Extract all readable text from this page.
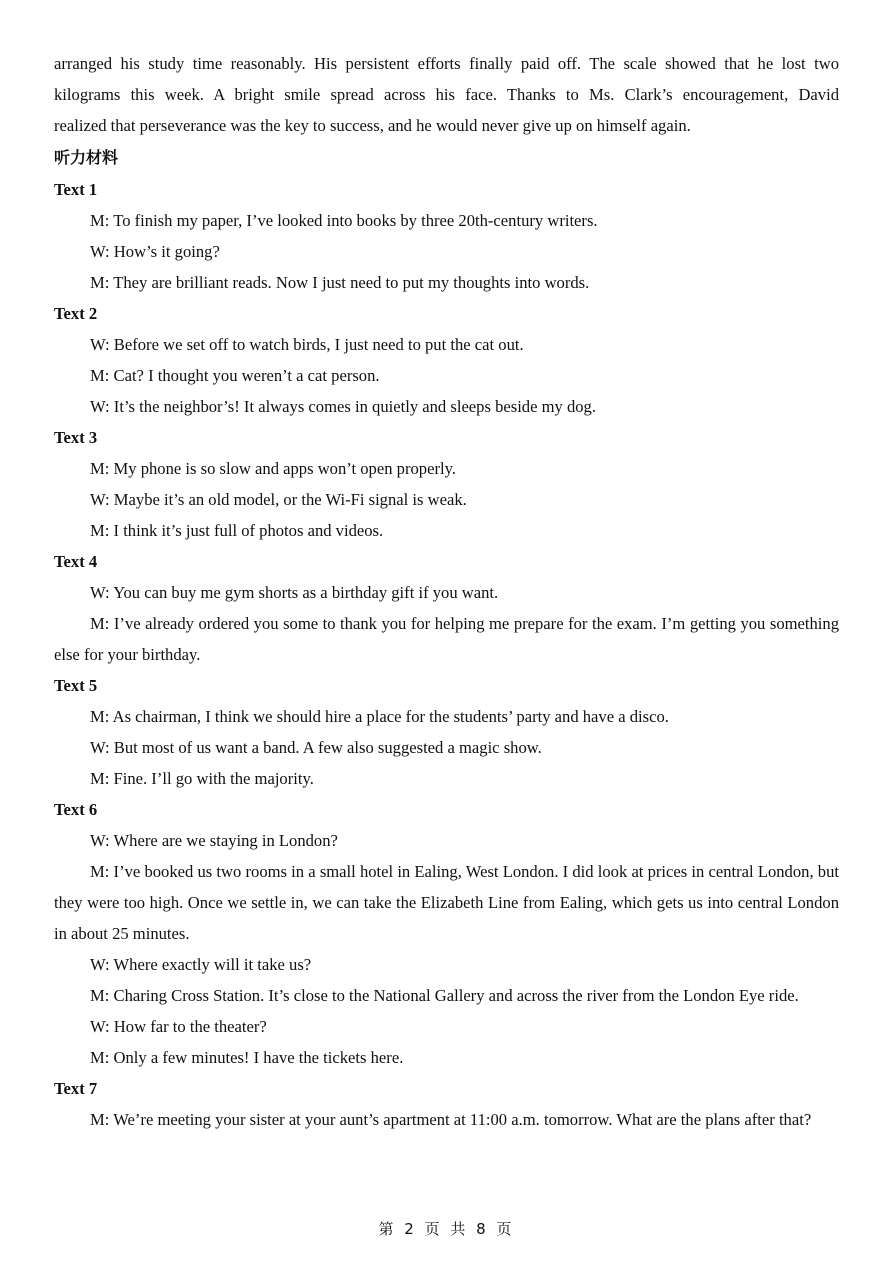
arranged his study time reasonably. His persistent efforts finally paid off. The scale showed that he lost two

kilograms this week. A bright smile spread across his face. Thanks to Ms. Clark’s encouragement, David

realized that perseverance was the key to success, and he would never give up on himself again.

听力材料

Text 1

M: To finish my paper, I’ve looked into books by three 20th-century writers.

W: How’s it going?

M: They are brilliant reads. Now I just need to put my thoughts into words.

Text 2

W: Before we set off to watch birds, I just need to put the cat out.

M: Cat? I thought you weren’t a cat person.

W: It’s the neighbor’s! It always comes in quietly and sleeps beside my dog.

Text 3

M: My phone is so slow and apps won’t open properly.

W: Maybe it’s an old model, or the Wi-Fi signal is weak.

M: I think it’s just full of photos and videos.

Text 4

W: You can buy me gym shorts as a birthday gift if you want.

M: I’ve already ordered you some to thank you for helping me prepare for the exam. I’m getting you something else for your birthday.

Text 5

M: As chairman, I think we should hire a place for the students’ party and have a disco.

W: But most of us want a band. A few also suggested a magic show.

M: Fine. I’ll go with the majority.

Text 6

W: Where are we staying in London?

M: I’ve booked us two rooms in a small hotel in Ealing, West London. I did look at prices in central London, but they were too high. Once we settle in, we can take the Elizabeth Line from Ealing, which gets us into central London in about 25 minutes.

W: Where exactly will it take us?

M: Charing Cross Station. It’s close to the National Gallery and across the river from the London Eye ride.

W: How far to the theater?

M: Only a few minutes! I have the tickets here.

Text 7

M: We’re meeting your sister at your aunt’s apartment at 11:00 a.m. tomorrow. What are the plans after that?

第 2 页 共 8 页
